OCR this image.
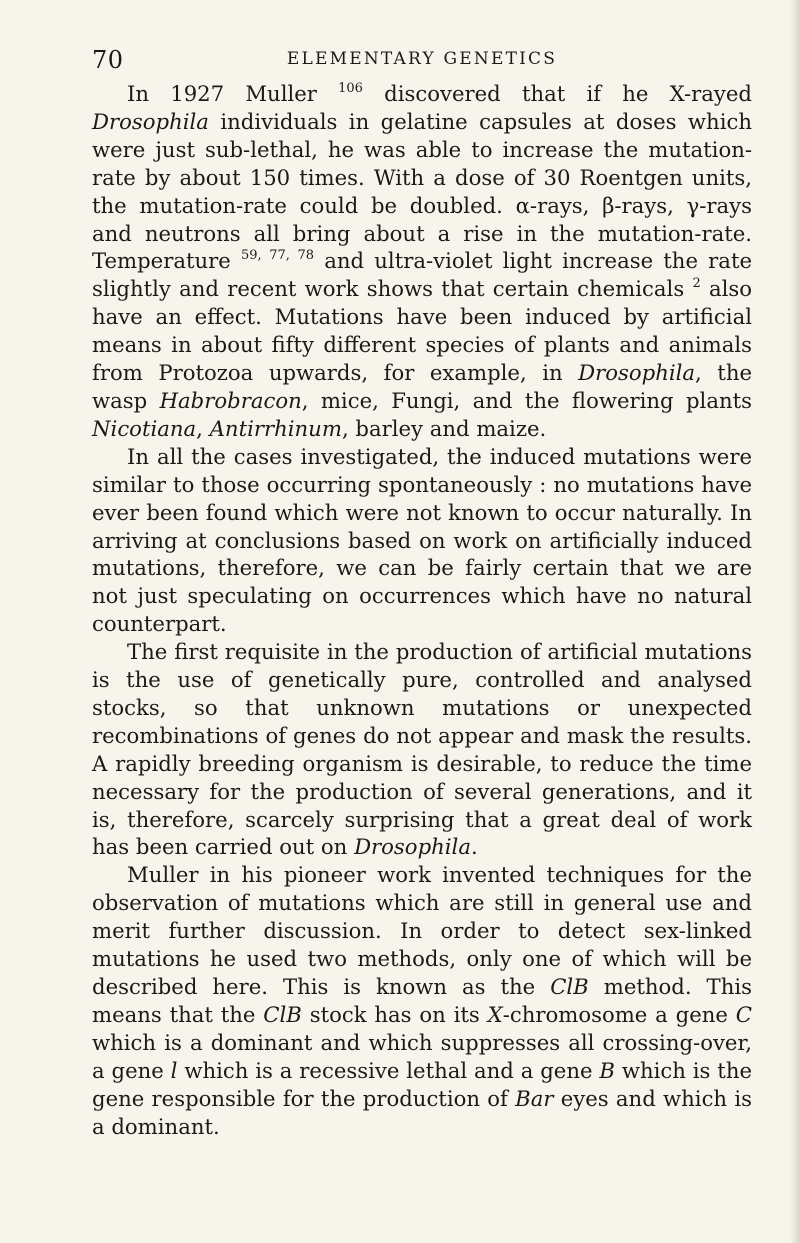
70	ELEMENTARY GENETICS

In 1927 Muller $^{106}$ discovered that if he X-rayed Drosophila individuals in gelatine capsules at doses which were just sub-lethal, he was able to increase the mutation-rate by about 150 times. With a dose of 30 Roentgen units, the mutation-rate could be doubled. α-rays, β-rays, γ-rays and neutrons all bring about a rise in the mutation-rate. Temperature $^{59, 77, 78}$ and ultra-violet light increase the rate slightly and recent work shows that certain chemicals $^2$ also have an effect. Mutations have been induced by artificial means in about fifty different species of plants and animals from Protozoa upwards, for example, in Drosophila, the wasp Habrobracon, mice, Fungi, and the flowering plants Nicotiana, Antirrhinum, barley and maize.

In all the cases investigated, the induced mutations were similar to those occurring spontaneously : no mutations have ever been found which were not known to occur naturally. In arriving at conclusions based on work on artificially induced mutations, therefore, we can be fairly certain that we are not just speculating on occurrences which have no natural counterpart.

The first requisite in the production of artificial mutations is the use of genetically pure, controlled and analysed stocks, so that unknown mutations or unexpected recombinations of genes do not appear and mask the results. A rapidly breeding organism is desirable, to reduce the time necessary for the production of several generations, and it is, therefore, scarcely surprising that a great deal of work has been carried out on Drosophila.

Muller in his pioneer work invented techniques for the observation of mutations which are still in general use and merit further discussion. In order to detect sex-linked mutations he used two methods, only one of which will be described here. This is known as the ClB method. This means that the ClB stock has on its X-chromosome a gene C which is a dominant and which suppresses all crossing-over, a gene l which is a recessive lethal and a gene B which is the gene responsible for the production of Bar eyes and which is a dominant.
